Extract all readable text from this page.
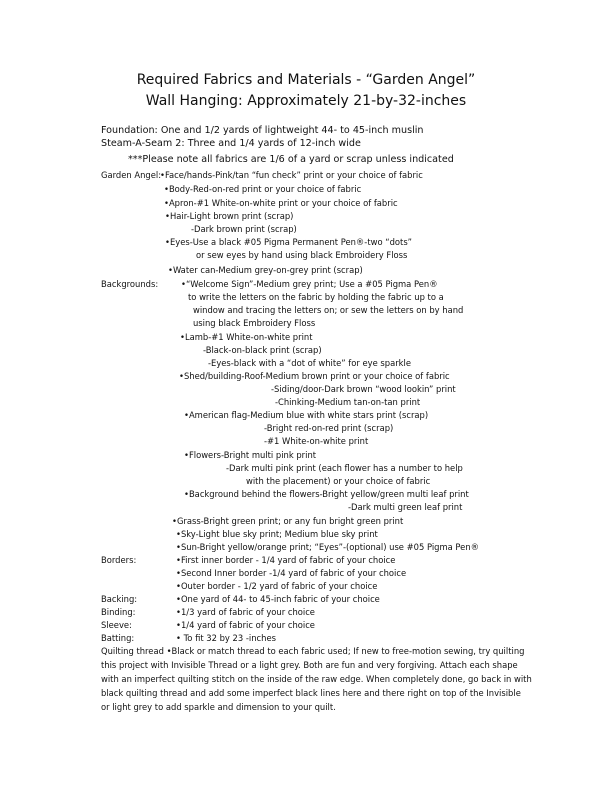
Required Fabrics and Materials - “Garden Angel”
Wall Hanging: Approximately 21-by-32-inches
Foundation: One and 1/2 yards of lightweight 44- to 45-inch muslin
Steam-A-Seam 2: Three and 1/4 yards of 12-inch wide
***Please note all fabrics are 1/6 of a yard or scrap unless indicated
Garden Angel:
•Face/hands-Pink/tan “fun check” print or your choice of fabric
•Body-Red-on-red print or your choice of fabric
•Apron-#1 White-on-white print or your choice of fabric
•Hair-Light brown print (scrap)
-Dark brown print (scrap)
•Eyes-Use a black #05 Pigma Permanent Pen®-two “dots”
or sew eyes by hand using black Embroidery Floss
•Water can-Medium grey-on-grey print (scrap)
Backgrounds:	•“Welcome Sign”-Medium grey print; Use a #05 Pigma Pen®
to write the letters on the fabric by holding the fabric up to a
window and tracing the letters on; or sew the letters on by hand
using black Embroidery Floss
•Lamb-#1 White-on-white print
-Black-on-black print (scrap)
-Eyes-black with a “dot of white” for eye sparkle
•Shed/building-Roof-Medium brown print or your choice of fabric
-Siding/door-Dark brown “wood lookin” print
-Chinking-Medium tan-on-tan print
•American flag-Medium blue with white stars print (scrap)
-Bright red-on-red print (scrap)
-#1 White-on-white print
•Flowers-Bright multi pink print
-Dark multi pink print (each flower has a number to help
with the placement) or your choice of fabric
•Background behind the flowers-Bright yellow/green multi leaf print
-Dark multi green leaf print
•Grass-Bright green print; or any fun bright green print
•Sky-Light blue sky print; Medium blue sky print
•Sun-Bright yellow/orange print; “Eyes”-(optional) use #05 Pigma Pen®
Borders:	•First inner border - 1/4 yard of fabric of your choice
•Second Inner border -1/4 yard of fabric of your choice
•Outer border - 1/2 yard of fabric of your choice
Backing:	•One yard of 44- to 45-inch fabric of your choice
Binding:	•1/3 yard of fabric of your choice
Sleeve:	•1/4 yard of fabric of your choice
Batting:	• To fit 32 by 23 -inches
Quilting thread •Black or match thread to each fabric used; If new to free-motion sewing, try quilting
this project with Invisible Thread or a light grey. Both are fun and very forgiving. Attach each shape
with an imperfect quilting stitch on the inside of the raw edge. When completely done, go back in with
black quilting thread and add some imperfect black lines here and there right on top of the Invisible
or light grey to add sparkle and dimension to your quilt.
